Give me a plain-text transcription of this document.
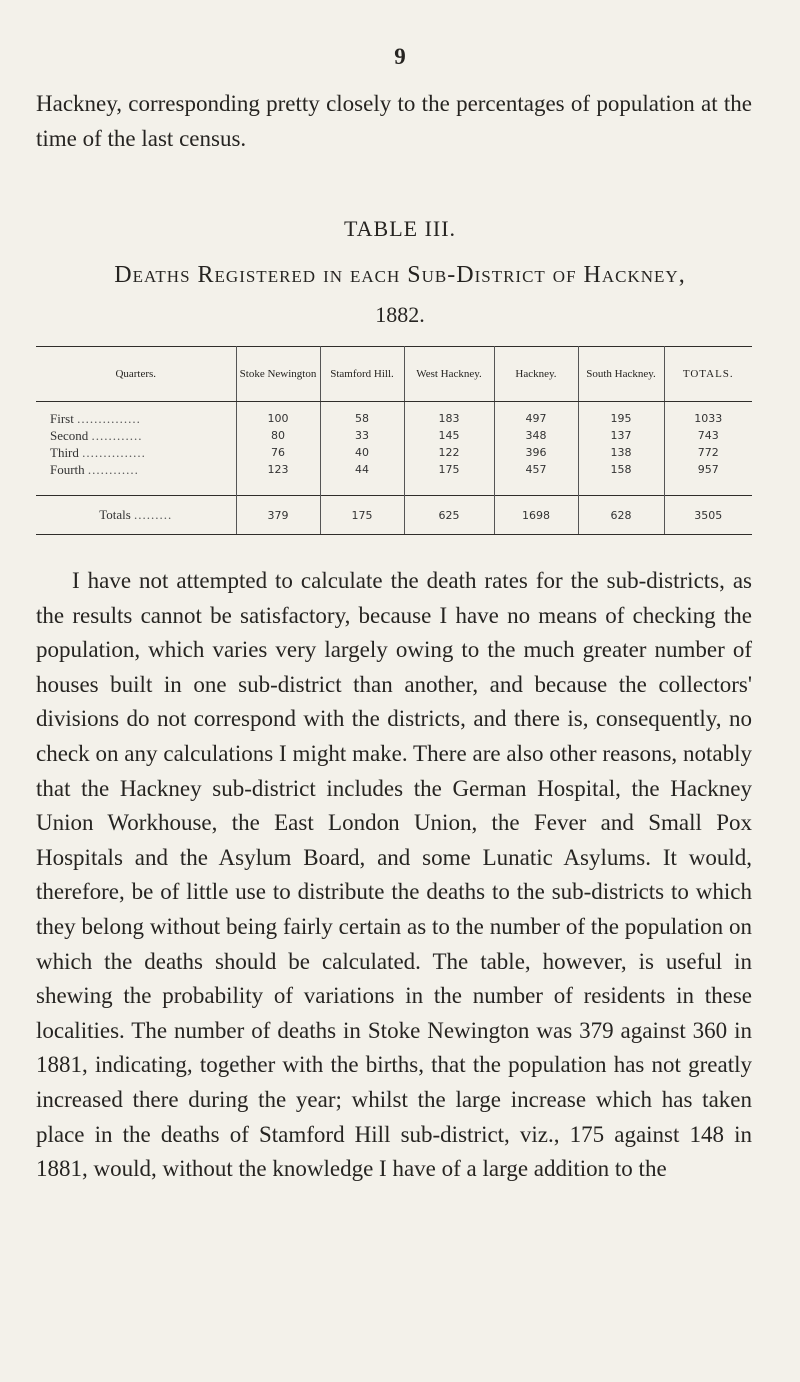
9

Hackney, corresponding pretty closely to the percentages of population at the time of the last census.

TABLE III.
Deaths Registered in each Sub-District of Hackney,
1882.
Quarters.	Stoke Newington	Stamford Hill.	West Hackney.	Hackney.	South Hackney.	TOTALS.
First ...............	100	58	183	497	195	1033
Second ............	80	33	145	348	137	743
Third ...............	76	40	122	396	138	772
Fourth ............	123	44	175	457	158	957

Totals .........	379	175	625	1698	628	3505

I have not attempted to calculate the death rates for the sub-districts, as the results cannot be satisfactory, because I have no means of checking the population, which varies very largely owing to the much greater number of houses built in one sub-district than another, and because the collectors' divisions do not correspond with the districts, and there is, consequently, no check on any calculations I might make. There are also other reasons, notably that the Hackney sub-district includes the German Hospital, the Hackney Union Workhouse, the East London Union, the Fever and Small Pox Hospitals and the Asylum Board, and some Lunatic Asylums. It would, therefore, be of little use to distribute the deaths to the sub-districts to which they belong without being fairly certain as to the number of the population on which the deaths should be calculated. The table, however, is useful in shewing the probability of variations in the number of residents in these localities. The number of deaths in Stoke Newington was 379 against 360 in 1881, indicating, together with the births, that the population has not greatly increased there during the year; whilst the large increase which has taken place in the deaths of Stamford Hill sub-district, viz., 175 against 148 in 1881, would, without the knowledge I have of a large addition to the
